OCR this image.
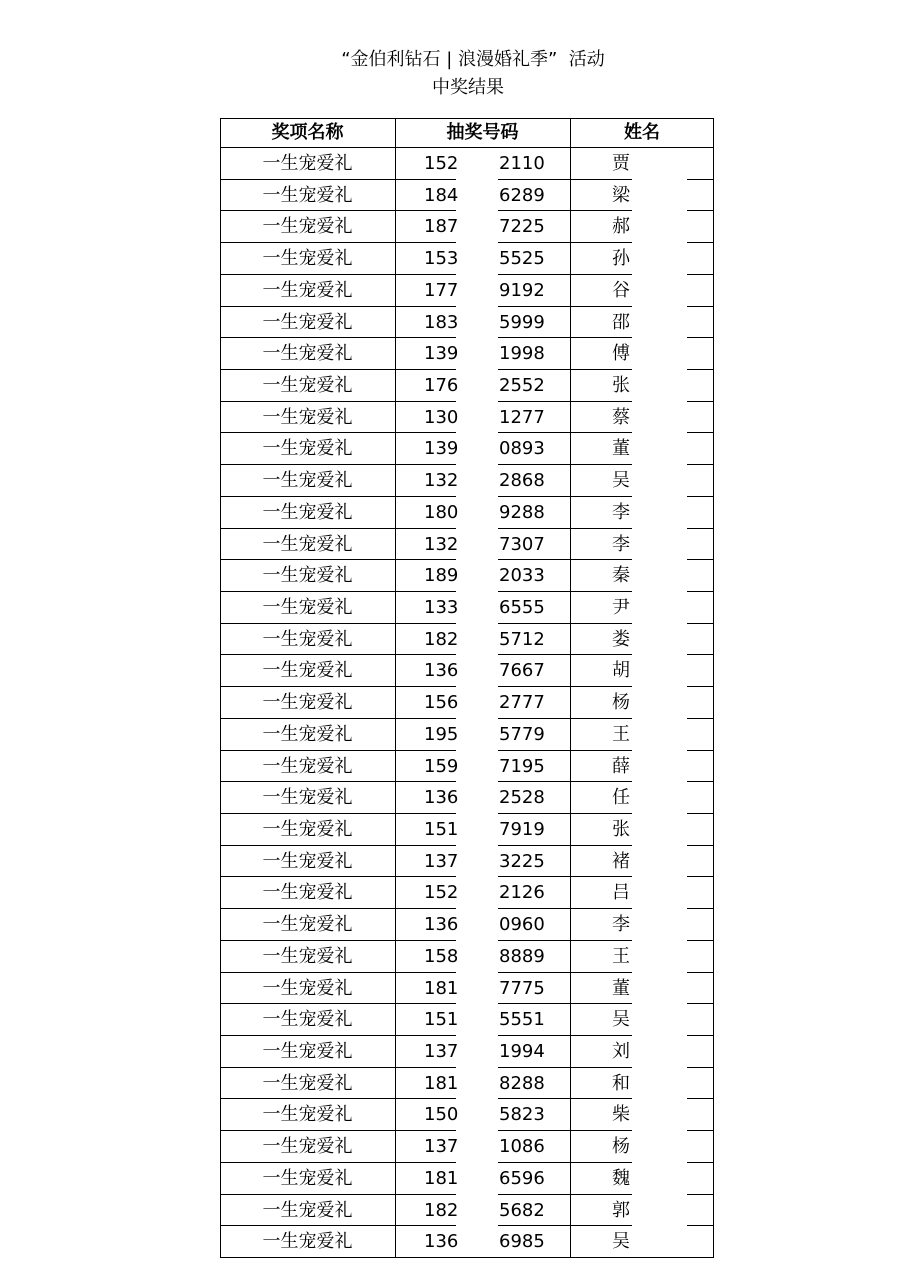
“金伯利钻石 | 浪漫婚礼季”  活动
中奖结果
奖项名称	抽奖号码	姓名
一生宠爱礼	152 2110	贾
一生宠爱礼	184 6289	梁
一生宠爱礼	187 7225	郝
一生宠爱礼	153 5525	孙
一生宠爱礼	177 9192	谷
一生宠爱礼	183 5999	邵
一生宠爱礼	139 1998	傅
一生宠爱礼	176 2552	张
一生宠爱礼	130 1277	蔡
一生宠爱礼	139 0893	董
一生宠爱礼	132 2868	吴
一生宠爱礼	180 9288	李
一生宠爱礼	132 7307	李
一生宠爱礼	189 2033	秦
一生宠爱礼	133 6555	尹
一生宠爱礼	182 5712	娄
一生宠爱礼	136 7667	胡
一生宠爱礼	156 2777	杨
一生宠爱礼	195 5779	王
一生宠爱礼	159 7195	薛
一生宠爱礼	136 2528	任
一生宠爱礼	151 7919	张
一生宠爱礼	137 3225	褚
一生宠爱礼	152 2126	吕
一生宠爱礼	136 0960	李
一生宠爱礼	158 8889	王
一生宠爱礼	181 7775	董
一生宠爱礼	151 5551	吴
一生宠爱礼	137 1994	刘
一生宠爱礼	181 8288	和
一生宠爱礼	150 5823	柴
一生宠爱礼	137 1086	杨
一生宠爱礼	181 6596	魏
一生宠爱礼	182 5682	郭
一生宠爱礼	136 6985	吴
